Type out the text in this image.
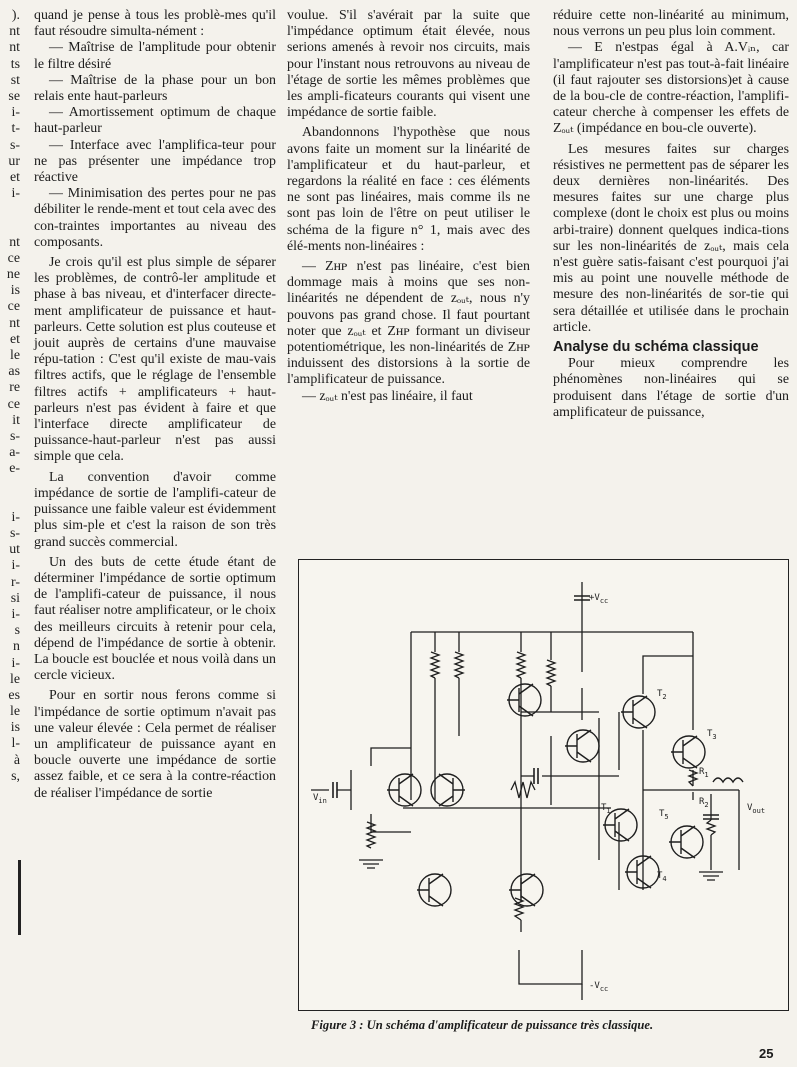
).
nt
nt
ts
st
se
i-
t-
s-
ur
et
i-
nt
ce
ne
is
ce
nt
et
le
as
re
ce
it
s-
a-
e-
i-
s-
ut
i-
r-
si
i-
s
n
i-
le
es
le
is
l-
à
s,

quand je pense à tous les problè-mes qu'il faut résoudre simulta-nément :

— Maîtrise de l'amplitude pour obtenir le filtre désiré

— Maîtrise de la phase pour un bon relais ente haut-parleurs

— Amortissement optimum de chaque haut-parleur

— Interface avec l'amplifica-teur pour ne pas présenter une impédance trop réactive

— Minimisation des pertes pour ne pas débiliter le rende-ment et tout cela avec des con-traintes importantes au niveau des composants.

Je crois qu'il est plus simple de séparer les problèmes, de contrô-ler amplitude et phase à bas niveau, et d'interfacer directe-ment amplificateur de puissance et haut-parleurs. Cette solution est plus couteuse et jouit auprès de certains d'une mauvaise répu-tation : C'est qu'il existe de mau-vais filtres actifs, que le réglage de l'ensemble filtres actifs + amplificateurs + haut-parleurs n'est pas évident à faire et que l'interface directe amplificateur de puissance-haut-parleur n'est pas aussi simple que cela.

La convention d'avoir comme impédance de sortie de l'amplifi-cateur de puissance une faible valeur est évidemment plus sim-ple et c'est la raison de son très grand succès commercial.

Un des buts de cette étude étant de déterminer l'impédance de sortie optimum de l'amplifi-cateur de puissance, il nous faut réaliser notre amplificateur, or le choix des meilleurs circuits à retenir pour cela, dépend de l'impédance de sortie à obtenir. La boucle est bouclée et nous voilà dans un cercle vicieux.

Pour en sortir nous ferons comme si l'impédance de sortie optimum n'avait pas une valeur élevée : Cela permet de réaliser un amplificateur de puissance ayant en boucle ouverte une impédance de sortie assez faible, et ce sera à la contre-réaction de réaliser l'impédance de sortie

voulue. S'il s'avérait par la suite que l'impédance optimum était élevée, nous serions amenés à revoir nos circuits, mais pour l'instant nous retrouvons au niveau de l'étage de sortie les mêmes problèmes que les ampli-ficateurs courants qui visent une impédance de sortie faible.

Abandonnons l'hypothèse que nous avons faite un moment sur la linéarité de l'amplificateur et du haut-parleur, et regardons la réalité en face : ces éléments ne sont pas linéaires, mais comme ils ne sont pas loin de l'être on peut utiliser le schéma de la figure n° 1, mais avec des élé-ments non-linéaires :

— Zʜᴘ n'est pas linéaire, c'est bien dommage mais à moins que ses non-linéarités ne dépendent de zₒᵤₜ, nous n'y pouvons pas grand chose. Il faut pourtant noter que zₒᵤₜ et Zʜᴘ formant un diviseur potentiométrique, les non-linéarités de Zʜᴘ induissent des distorsions à la sortie de l'amplificateur de puissance.

— zₒᵤₜ n'est pas linéaire, il faut

réduire cette non-linéarité au minimum, nous verrons un peu plus loin comment.

— E n'estpas égal à A.Vᵢₙ, car l'amplificateur n'est pas tout-à-fait linéaire (il faut rajouter ses distorsions)et à cause de la bou-cle de contre-réaction, l'amplifi-cateur cherche à compenser les effets de Zₒᵤₜ (impédance en bou-cle ouverte).

Les mesures faites sur charges résistives ne permettent pas de séparer les deux dernières non-linéarités. Des mesures faites sur une charge plus complexe (dont le choix est plus ou moins arbi-traire) donnent quelques indica-tions sur les non-linéarités de zₒᵤₜ, mais cela n'est guère satis-faisant c'est pourquoi j'ai mis au point une nouvelle méthode de mesure des non-linéarités de sor-tie qui sera détaillée et utilisée dans le prochain article.

Analyse du schéma classique

Pour mieux comprendre les phénomènes non-linéaires qui se produisent dans l'étage de sortie d'un amplificateur de puissance,

$+V_{cc}$
$-V_{cc}$
$V_{in}$
$V_{out}$
$T_1$
$T_2$
$T_3$
$T_4$
$T_5$
$R_1$
$R_2$
Figure 3 : Un schéma d'amplificateur de puissance très classique.
25
